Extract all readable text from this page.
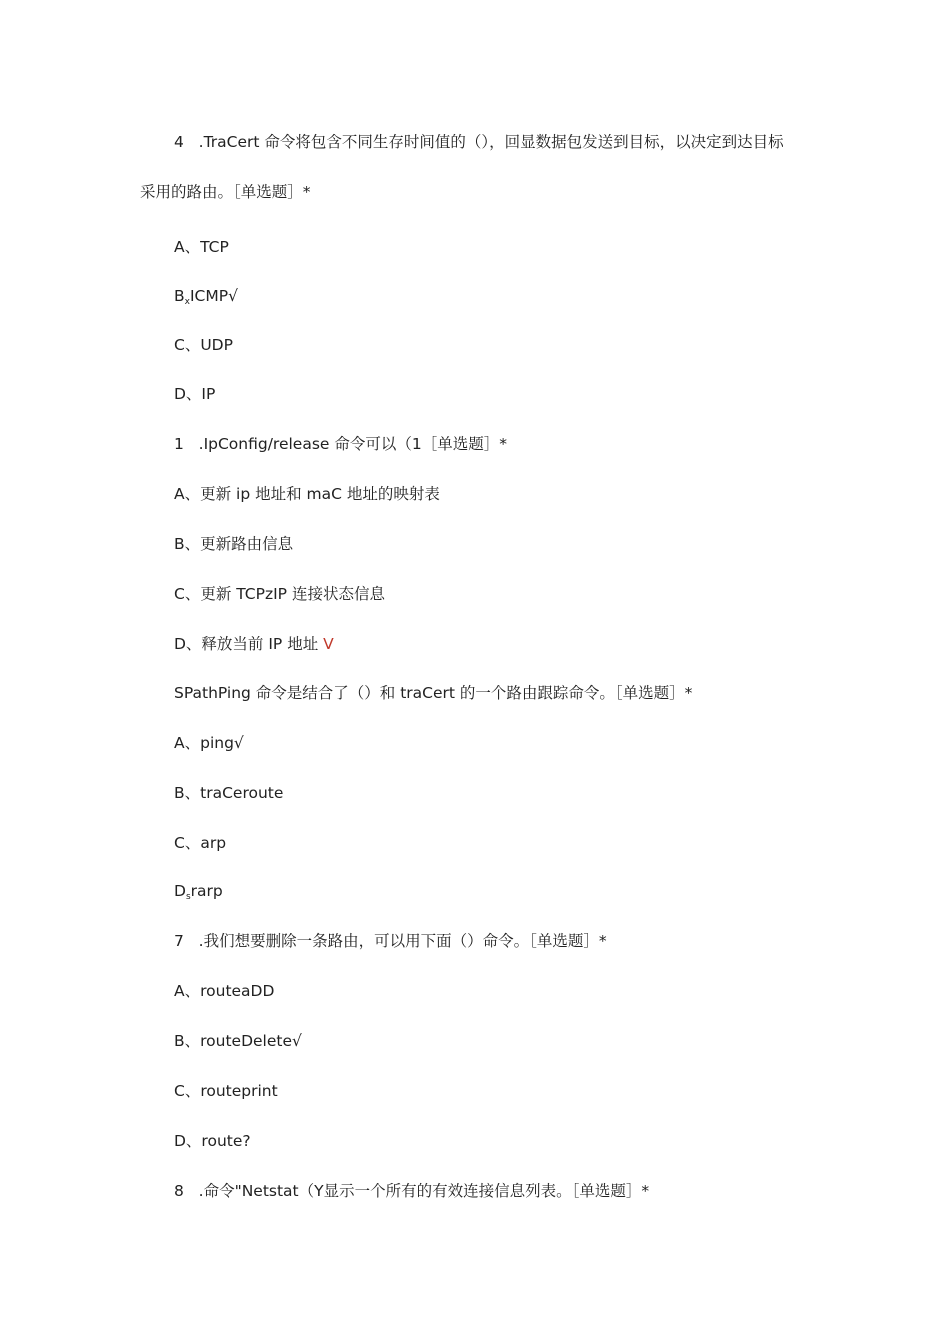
4   .TraCert 命令将包含不同生存时间值的（），回显数据包发送到目标，以决定到达目标
采用的路由。［单选题］*
A、TCP
$B_xICMP√$
C、UDP
D、IP
1   .IpConfig/release 命令可以（1［单选题］*
A、更新 ip 地址和 maC 地址的映射表
B、更新路由信息
C、更新 TCPzIP 连接状态信息
D、释放当前 IP 地址 V
SPathPing 命令是结合了（）和 traCert 的一个路由跟踪命令。［单选题］*
A、ping√
B、traCeroute
C、arp
$D_srarp$
7   .我们想要删除一条路由，可以用下面（）命令。［单选题］*
A、routeaDD
B、routeDelete√
C、routeprint
D、route?
8   .命令"Netstat（Y显示一个所有的有效连接信息列表。［单选题］*
